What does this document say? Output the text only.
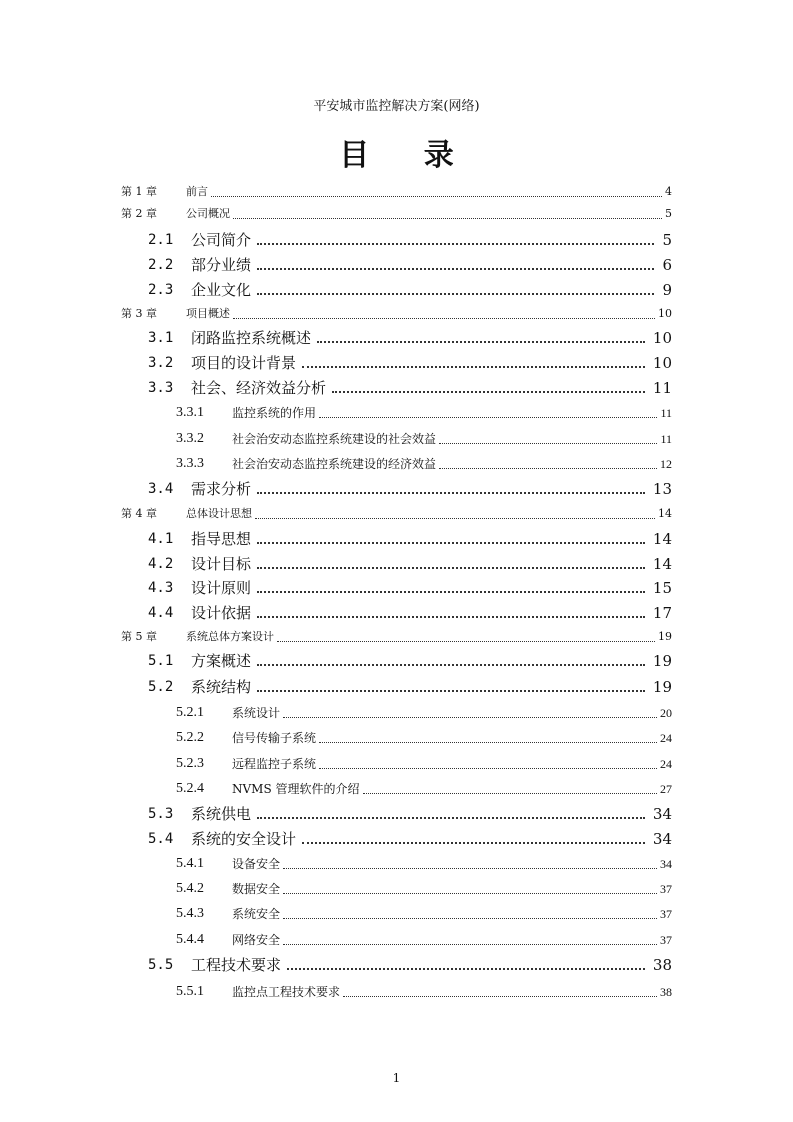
平安城市监控解决方案(网络)
目 录
第 1 章	前言	4
第 2 章	公司概况	5
2.1	公司简介	5
2.2	部分业绩	6
2.3	企业文化	9
第 3 章	项目概述	10
3.1	闭路监控系统概述	10
3.2	项目的设计背景	10
3.3	社会、经济效益分析	11
3.3.1	监控系统的作用	11
3.3.2	社会治安动态监控系统建设的社会效益	11
3.3.3	社会治安动态监控系统建设的经济效益	12
3.4	需求分析	13
第 4 章	总体设计思想	14
4.1	指导思想	14
4.2	设计目标	14
4.3	设计原则	15
4.4	设计依据	17
第 5 章	系统总体方案设计	19
5.1	方案概述	19
5.2	系统结构	19
5.2.1	系统设计	20
5.2.2	信号传输子系统	24
5.2.3	远程监控子系统	24
5.2.4	NVMS 管理软件的介绍	27
5.3	系统供电	34
5.4	系统的安全设计	34
5.4.1	设备安全	34
5.4.2	数据安全	37
5.4.3	系统安全	37
5.4.4	网络安全	37
5.5	工程技术要求	38
5.5.1	监控点工程技术要求	38
1
